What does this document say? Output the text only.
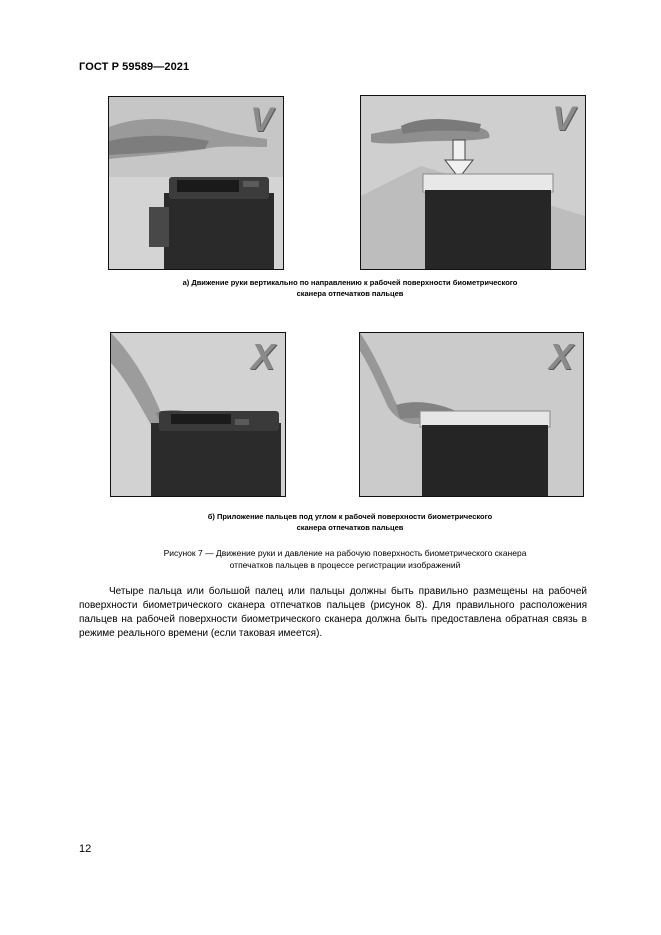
ГОСТ Р 59589—2021
V	V
а) Движение руки вертикально по направлению к рабочей поверхности биометрического
сканера отпечатков пальцев
X	X
б) Приложение пальцев под углом к рабочей поверхности биометрического
сканера отпечатков пальцев
Рисунок 7 — Движение руки и давление на рабочую поверхность биометрического сканера
отпечатков пальцев в процессе регистрации изображений

Четыре пальца или большой палец или пальцы должны быть правильно размещены на рабочей поверхности биометрического сканера отпечатков пальцев (рисунок 8). Для правильного расположения пальцев на рабочей поверхности биометрического сканера должна быть предоставлена обратная связь в режиме реального времени (если таковая имеется).

12
